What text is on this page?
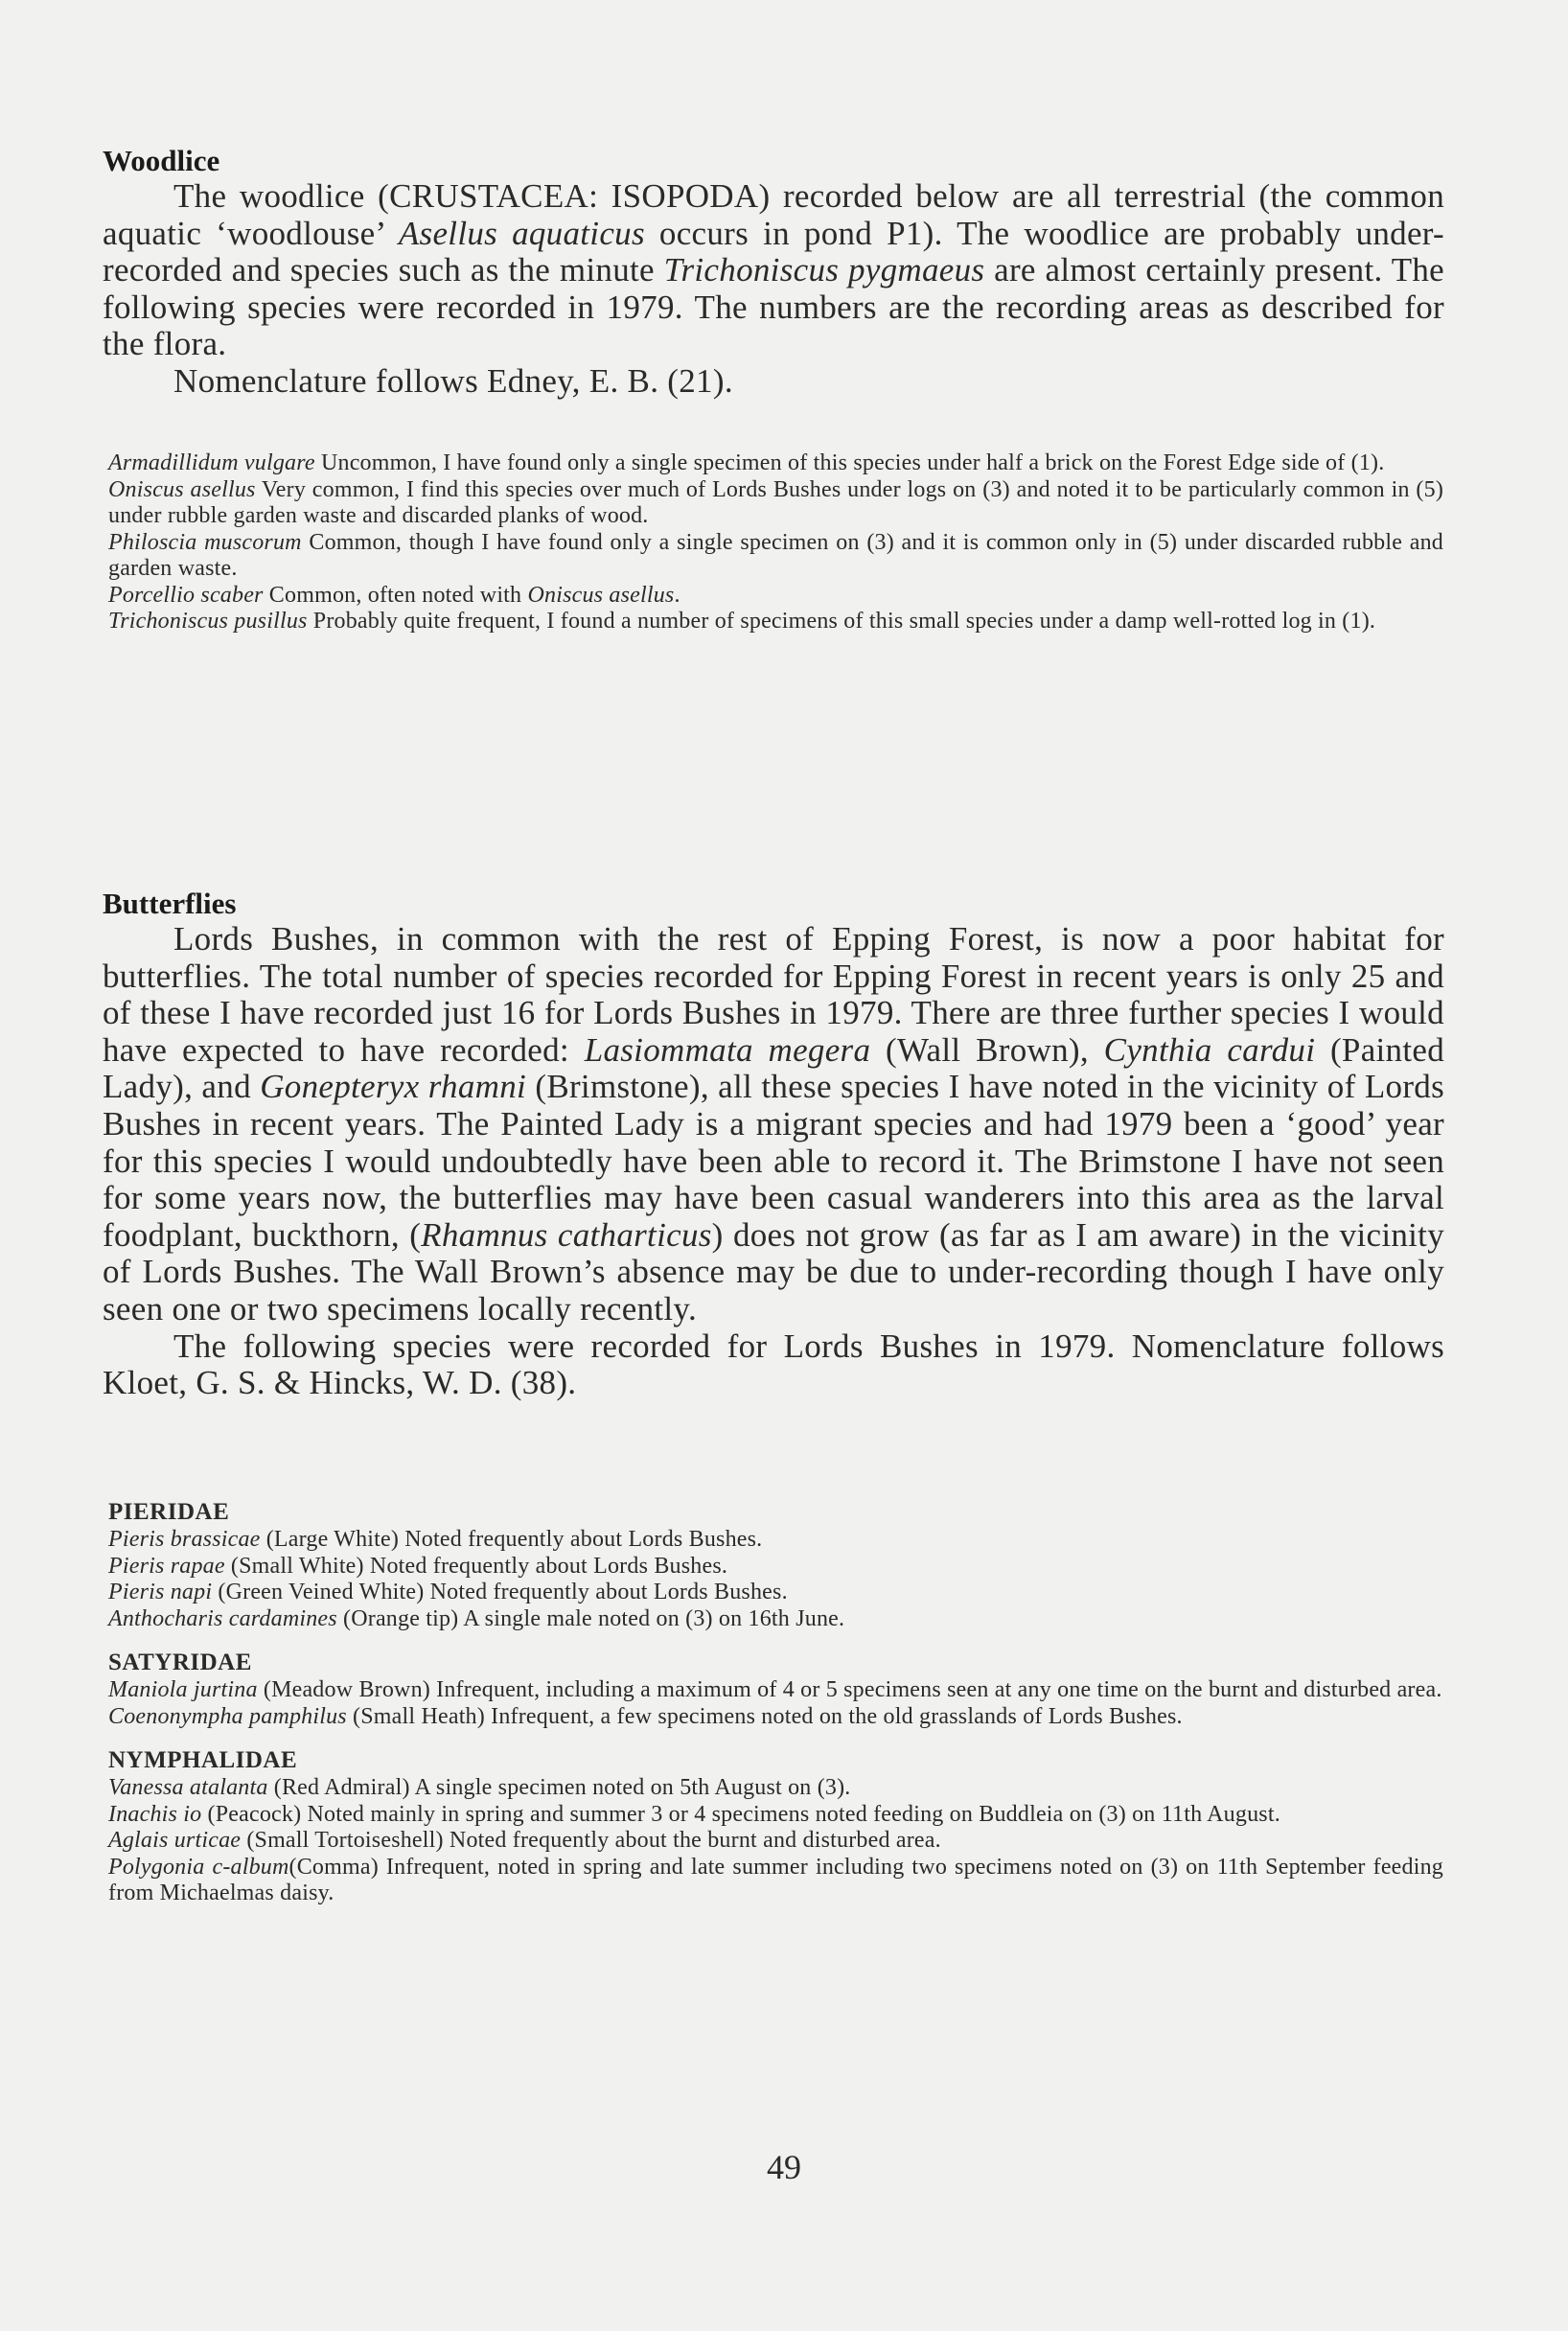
Woodlice

The woodlice (CRUSTACEA: ISOPODA) recorded below are all terrestrial (the common aquatic ‘woodlouse’ Asellus aquaticus occurs in pond P1). The woodlice are probably under-recorded and species such as the minute Trichoniscus pygmaeus are almost certainly present. The following species were recorded in 1979. The numbers are the recording areas as described for the flora.

Nomenclature follows Edney, E. B. (21).

Armadillidum vulgare Uncommon, I have found only a single specimen of this species under half a brick on the Forest Edge side of (1).

Oniscus asellus Very common, I find this species over much of Lords Bushes under logs on (3) and noted it to be particularly common in (5) under rubble garden waste and discarded planks of wood.

Philoscia muscorum Common, though I have found only a single specimen on (3) and it is common only in (5) under discarded rubble and garden waste.

Porcellio scaber Common, often noted with Oniscus asellus.

Trichoniscus pusillus Probably quite frequent, I found a number of specimens of this small species under a damp well-rotted log in (1).

Butterflies

Lords Bushes, in common with the rest of Epping Forest, is now a poor habitat for butterflies. The total number of species recorded for Epping Forest in recent years is only 25 and of these I have recorded just 16 for Lords Bushes in 1979. There are three further species I would have expected to have recorded: Lasiommata megera (Wall Brown), Cynthia cardui (Painted Lady), and Gonepteryx rhamni (Brimstone), all these species I have noted in the vicinity of Lords Bushes in recent years. The Painted Lady is a migrant species and had 1979 been a ‘good’ year for this species I would undoubtedly have been able to record it. The Brimstone I have not seen for some years now, the butterflies may have been casual wanderers into this area as the larval foodplant, buckthorn, (Rhamnus catharticus) does not grow (as far as I am aware) in the vicinity of Lords Bushes. The Wall Brown’s absence may be due to under-recording though I have only seen one or two specimens locally recently.

The following species were recorded for Lords Bushes in 1979. Nomenclature follows Kloet, G. S. & Hincks, W. D. (38).

PIERIDAE

Pieris brassicae (Large White) Noted frequently about Lords Bushes.

Pieris rapae (Small White) Noted frequently about Lords Bushes.

Pieris napi (Green Veined White) Noted frequently about Lords Bushes.

Anthocharis cardamines (Orange tip) A single male noted on (3) on 16th June.

SATYRIDAE

Maniola jurtina (Meadow Brown) Infrequent, including a maximum of 4 or 5 specimens seen at any one time on the burnt and disturbed area.

Coenonympha pamphilus (Small Heath) Infrequent, a few specimens noted on the old grasslands of Lords Bushes.

NYMPHALIDAE

Vanessa atalanta (Red Admiral) A single specimen noted on 5th August on (3).

Inachis io (Peacock) Noted mainly in spring and summer 3 or 4 specimens noted feeding on Buddleia on (3) on 11th August.

Aglais urticae (Small Tortoiseshell) Noted frequently about the burnt and disturbed area.

Polygonia c-album(Comma) Infrequent, noted in spring and late summer including two specimens noted on (3) on 11th September feeding from Michaelmas daisy.

49
